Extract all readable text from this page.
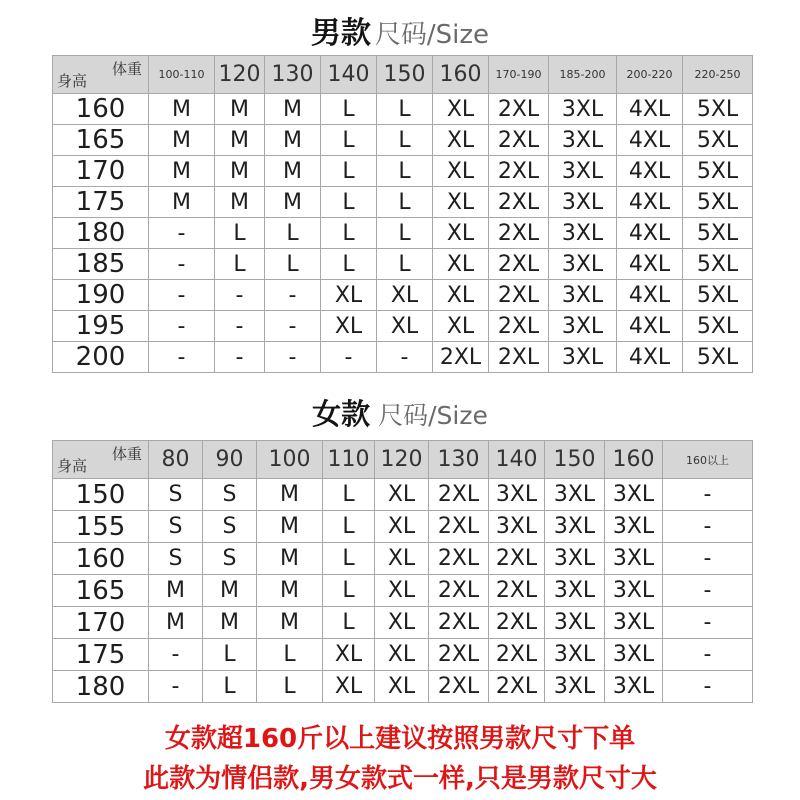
男款 尺码/Size
体重
身高	100-110	120	130	140	150	160	170-190	185-200	200-220	220-250
160	M	M	M	L	L	XL	2XL	3XL	4XL	5XL
165	M	M	M	L	L	XL	2XL	3XL	4XL	5XL
170	M	M	M	L	L	XL	2XL	3XL	4XL	5XL
175	M	M	M	L	L	XL	2XL	3XL	4XL	5XL
180	-	L	L	L	L	XL	2XL	3XL	4XL	5XL
185	-	L	L	L	L	XL	2XL	3XL	4XL	5XL
190	-	-	-	XL	XL	XL	2XL	3XL	4XL	5XL
195	-	-	-	XL	XL	XL	2XL	3XL	4XL	5XL
200	-	-	-	-	-	2XL	2XL	3XL	4XL	5XL
女款 尺码/Size
体重
身高	80	90	100	110	120	130	140	150	160	160以上
150	S	S	M	L	XL	2XL	3XL	3XL	3XL	-
155	S	S	M	L	XL	2XL	3XL	3XL	3XL	-
160	S	S	M	L	XL	2XL	2XL	3XL	3XL	-
165	M	M	M	L	XL	2XL	2XL	3XL	3XL	-
170	M	M	M	L	XL	2XL	2XL	3XL	3XL	-
175	-	L	L	XL	XL	2XL	2XL	3XL	3XL	-
180	-	L	L	XL	XL	2XL	2XL	3XL	3XL	-
女款超160斤以上建议按照男款尺寸下单
此款为情侣款,男女款式一样,只是男款尺寸大
